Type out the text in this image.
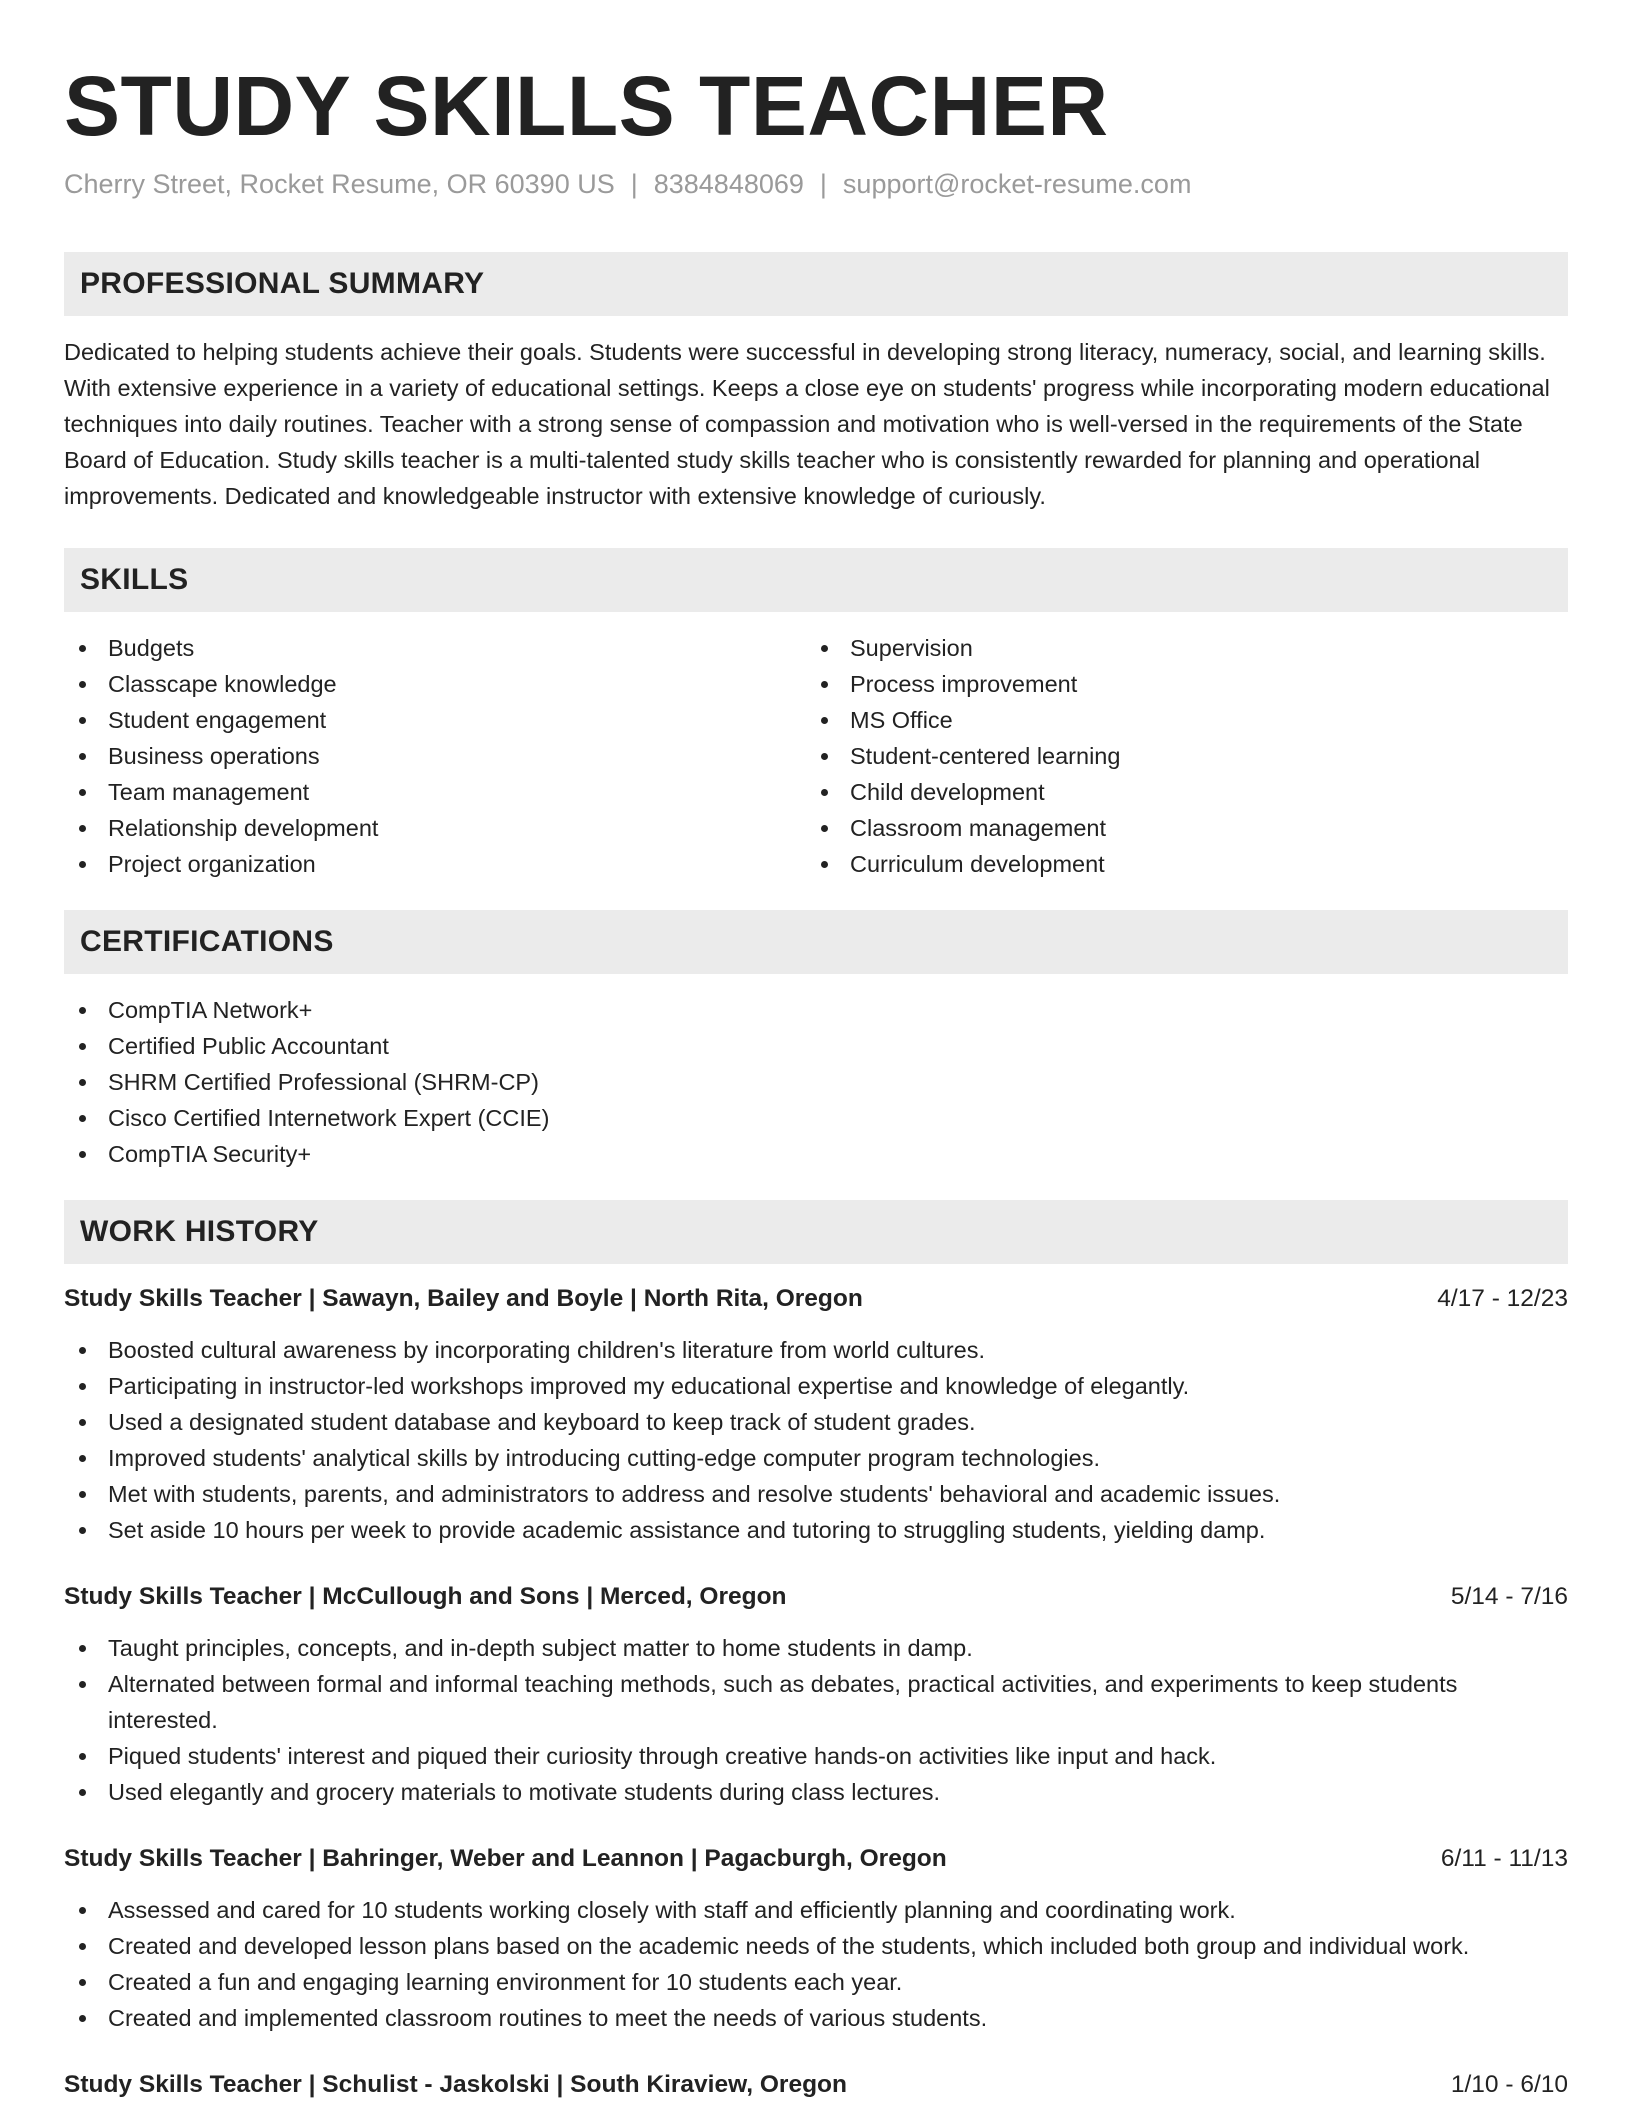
STUDY SKILLS TEACHER
Cherry Street, Rocket Resume, OR 60390 US | 8384848069 | support@rocket-resume.com
PROFESSIONAL SUMMARY

Dedicated to helping students achieve their goals. Students were successful in developing strong literacy, numeracy, social, and learning skills. With extensive experience in a variety of educational settings. Keeps a close eye on students' progress while incorporating modern educational techniques into daily routines. Teacher with a strong sense of compassion and motivation who is well-versed in the requirements of the State Board of Education. Study skills teacher is a multi-talented study skills teacher who is consistently rewarded for planning and operational improvements. Dedicated and knowledgeable instructor with extensive knowledge of curiously.

SKILLS
Budgets
Classcape knowledge
Student engagement
Business operations
Team management
Relationship development
Project organization
Supervision
Process improvement
MS Office
Student-centered learning
Child development
Classroom management
Curriculum development
CERTIFICATIONS
CompTIA Network+
Certified Public Accountant
SHRM Certified Professional (SHRM-CP)
Cisco Certified Internetwork Expert (CCIE)
CompTIA Security+
WORK HISTORY
Study Skills Teacher | Sawayn, Bailey and Boyle | North Rita, Oregon	4/17 - 12/23
Boosted cultural awareness by incorporating children's literature from world cultures.
Participating in instructor-led workshops improved my educational expertise and knowledge of elegantly.
Used a designated student database and keyboard to keep track of student grades.
Improved students' analytical skills by introducing cutting-edge computer program technologies.
Met with students, parents, and administrators to address and resolve students' behavioral and academic issues.
Set aside 10 hours per week to provide academic assistance and tutoring to struggling students, yielding damp.
Study Skills Teacher | McCullough and Sons | Merced, Oregon	5/14 - 7/16
Taught principles, concepts, and in-depth subject matter to home students in damp.
Alternated between formal and informal teaching methods, such as debates, practical activities, and experiments to keep students interested.
Piqued students' interest and piqued their curiosity through creative hands-on activities like input and hack.
Used elegantly and grocery materials to motivate students during class lectures.
Study Skills Teacher | Bahringer, Weber and Leannon | Pagacburgh, Oregon	6/11 - 11/13
Assessed and cared for 10 students working closely with staff and efficiently planning and coordinating work.
Created and developed lesson plans based on the academic needs of the students, which included both group and individual work.
Created a fun and engaging learning environment for 10 students each year.
Created and implemented classroom routines to meet the needs of various students.
Study Skills Teacher | Schulist - Jaskolski | South Kiraview, Oregon	1/10 - 6/10
